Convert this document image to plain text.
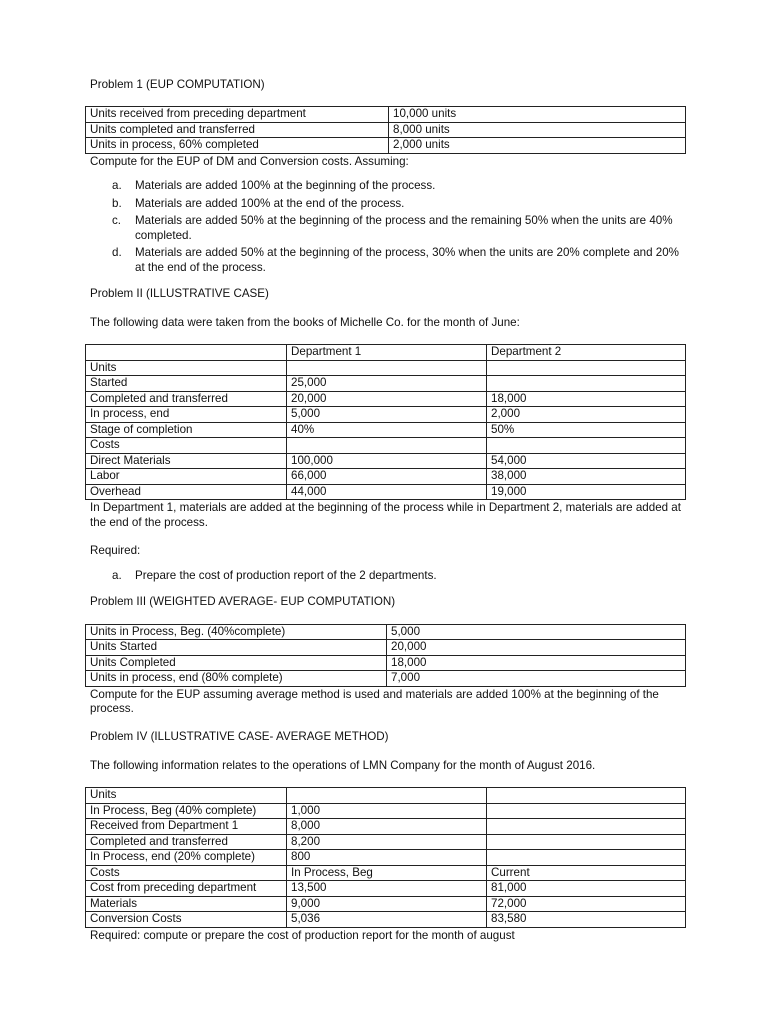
Problem 1 (EUP COMPUTATION)

Units received from preceding department	10,000 units
Units completed and transferred	8,000 units
Units in process, 60% completed	2,000 units

Compute for the EUP of DM and Conversion costs. Assuming:

a. Materials are added 100% at the beginning of the process.
b. Materials are added 100% at the end of the process.
c. Materials are added 50% at the beginning of the process and the remaining 50% when the units are 40% completed.
d. Materials are added 50% at the beginning of the process, 30% when the units are 20% complete and 20% at the end of the process.

Problem II (ILLUSTRATIVE CASE)

The following data were taken from the books of Michelle Co. for the month of June:

	Department 1	Department 2
Units		
Started	25,000	
Completed and transferred	20,000	18,000
In process, end	5,000	2,000
Stage of completion	40%	50%
Costs		
Direct Materials	100,000	54,000
Labor	66,000	38,000
Overhead	44,000	19,000

In Department 1, materials are added at the beginning of the process while in Department 2, materials are added at the end of the process.

Required:

a. Prepare the cost of production report of the 2 departments.

Problem III (WEIGHTED AVERAGE- EUP COMPUTATION)

Units in Process, Beg. (40%complete)	5,000
Units Started	20,000
Units Completed	18,000
Units in process, end (80% complete)	7,000

Compute for the EUP assuming average method is used and materials are added 100% at the beginning of the process.

Problem IV (ILLUSTRATIVE CASE- AVERAGE METHOD)

The following information relates to the operations of LMN Company for the month of August 2016.

Units		
In Process, Beg (40% complete)	1,000	
Received from Department 1	8,000	
Completed and transferred	8,200	
In Process, end (20% complete)	800	
Costs	In Process, Beg	Current
Cost from preceding department	13,500	81,000
Materials	9,000	72,000
Conversion Costs	5,036	83,580

Required: compute or prepare the cost of production report for the month of august
